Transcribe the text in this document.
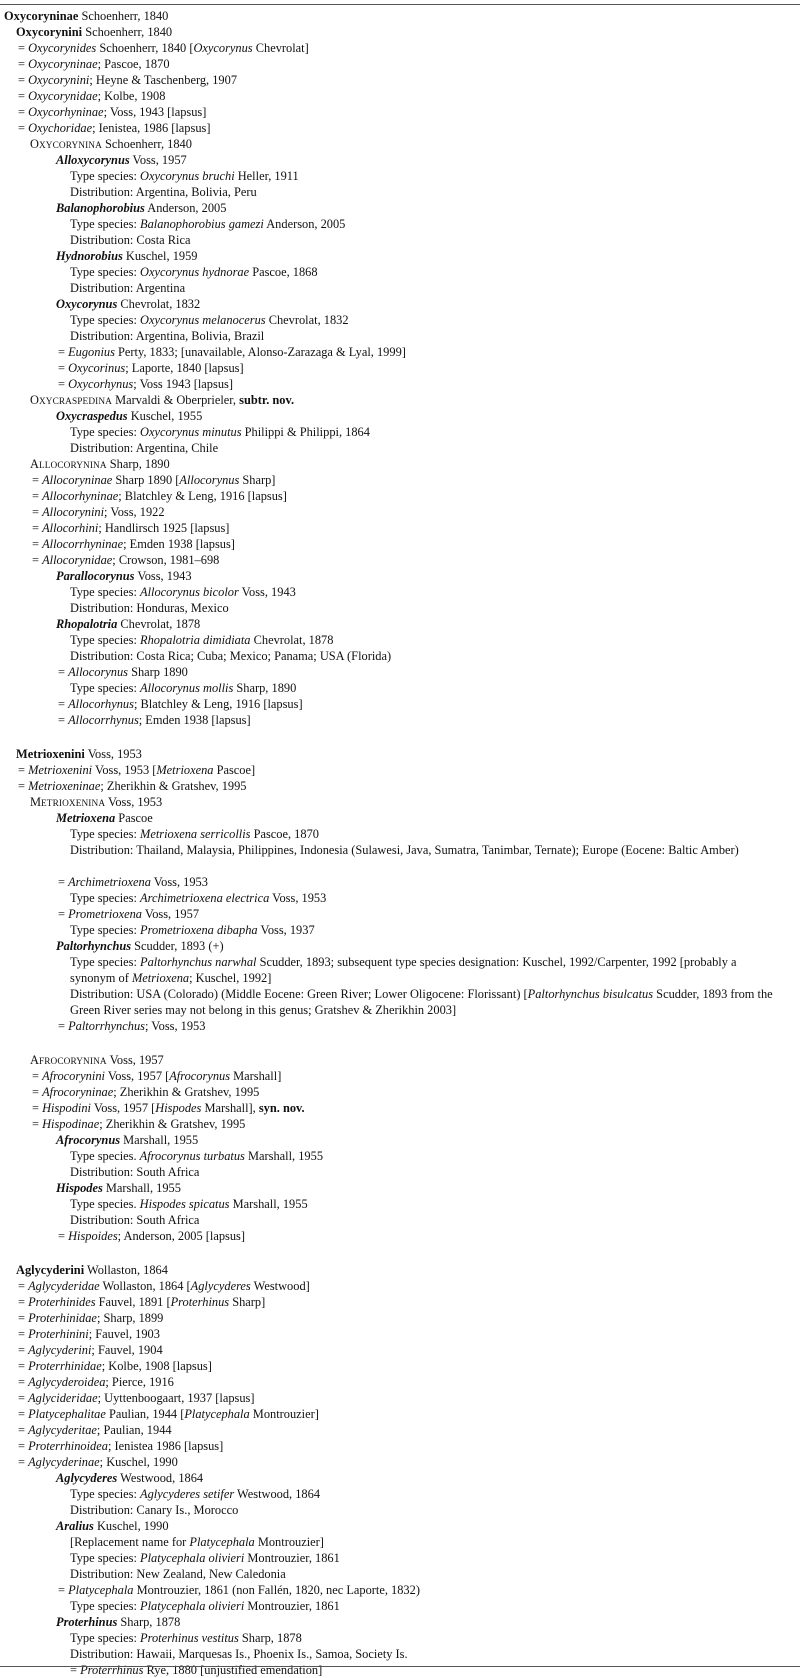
Oxycoryninae Schoenherr, 1840
Oxycorynini Schoenherr, 1840
= Oxycorynides Schoenherr, 1840 [Oxycorynus Chevrolat]
= Oxycoryninae; Pascoe, 1870
= Oxycorynini; Heyne & Taschenberg, 1907
= Oxycorynidae; Kolbe, 1908
= Oxycorhyninae; Voss, 1943 [lapsus]
= Oxychoridae; Ienistea, 1986 [lapsus]
OXYCORYNINA Schoenherr, 1840
Alloxycorynus Voss, 1957
Type species: Oxycorynus bruchi Heller, 1911
Distribution: Argentina, Bolivia, Peru
Balanophorobius Anderson, 2005
Type species: Balanophorobius gamezi Anderson, 2005
Distribution: Costa Rica
Hydnorobius Kuschel, 1959
Type species: Oxycorynus hydnorae Pascoe, 1868
Distribution: Argentina
Oxycorynus Chevrolat, 1832
Type species: Oxycorynus melanocerus Chevrolat, 1832
Distribution: Argentina, Bolivia, Brazil
= Eugonius Perty, 1833; [unavailable, Alonso-Zarazaga & Lyal, 1999]
= Oxycorinus; Laporte, 1840 [lapsus]
= Oxycorhynus; Voss 1943 [lapsus]
OXYCRASPEDINA Marvaldi & Oberprieler, subtr. nov.
Oxycraspedus Kuschel, 1955
Type species: Oxycorynus minutus Philippi & Philippi, 1864
Distribution: Argentina, Chile
ALLOCORYNINA Sharp, 1890
= Allocoryninae Sharp 1890 [Allocorynus Sharp]
= Allocorhyninae; Blatchley & Leng, 1916 [lapsus]
= Allocorynini; Voss, 1922
= Allocorhini; Handlirsch 1925 [lapsus]
= Allocorrhyninae; Emden 1938 [lapsus]
= Allocorynidae; Crowson, 1981–698
Parallocorynus Voss, 1943
Type species: Allocorynus bicolor Voss, 1943
Distribution: Honduras, Mexico
Rhopalotria Chevrolat, 1878
Type species: Rhopalotria dimidiata Chevrolat, 1878
Distribution: Costa Rica; Cuba; Mexico; Panama; USA (Florida)
= Allocorynus Sharp 1890
Type species: Allocorynus mollis Sharp, 1890
= Allocorhynus; Blatchley & Leng, 1916 [lapsus]
= Allocorrhynus; Emden 1938 [lapsus]
Metrioxenini Voss, 1953
= Metrioxenini Voss, 1953 [Metrioxena Pascoe]
= Metrioxeninae; Zherikhin & Gratshev, 1995
METRIOXENINA Voss, 1953
Metrioxena Pascoe
Type species: Metrioxena serricollis Pascoe, 1870
Distribution: Thailand, Malaysia, Philippines, Indonesia (Sulawesi, Java, Sumatra, Tanimbar, Ternate); Europe (Eocene: Baltic Amber)
= Archimetrioxena Voss, 1953
Type species: Archimetrioxena electrica Voss, 1953
= Prometrioxena Voss, 1957
Type species: Prometrioxena dibapha Voss, 1937
Paltorhynchus Scudder, 1893 (+)
Type species: Paltorhynchus narwhal Scudder, 1893; subsequent type species designation: Kuschel, 1992/Carpenter, 1992 [probably a synonym of Metrioxena; Kuschel, 1992]
Distribution: USA (Colorado) (Middle Eocene: Green River; Lower Oligocene: Florissant) [Paltorhynchus bisulcatus Scudder, 1893 from the Green River series may not belong in this genus; Gratshev & Zherikhin 2003]
= Paltorrhynchus; Voss, 1953
AFROCORYNINA Voss, 1957
= Afrocorynini Voss, 1957 [Afrocorynus Marshall]
= Afrocoryninae; Zherikhin & Gratshev, 1995
= Hispodini Voss, 1957 [Hispodes Marshall], syn. nov.
= Hispodinae; Zherikhin & Gratshev, 1995
Afrocorynus Marshall, 1955
Type species. Afrocorynus turbatus Marshall, 1955
Distribution: South Africa
Hispodes Marshall, 1955
Type species. Hispodes spicatus Marshall, 1955
Distribution: South Africa
= Hispoides; Anderson, 2005 [lapsus]
Aglycyderini Wollaston, 1864
= Aglycyderidae Wollaston, 1864 [Aglycyderes Westwood]
= Proterhinides Fauvel, 1891 [Proterhinus Sharp]
= Proterhinidae; Sharp, 1899
= Proterhinini; Fauvel, 1903
= Aglycyderini; Fauvel, 1904
= Proterrhinidae; Kolbe, 1908 [lapsus]
= Aglycyderoidea; Pierce, 1916
= Aglycideridae; Uyttenboogaart, 1937 [lapsus]
= Platycephalitae Paulian, 1944 [Platycephala Montrouzier]
= Aglycyderitae; Paulian, 1944
= Proterrhinoidea; Ienistea 1986 [lapsus]
= Aglycyderinae; Kuschel, 1990
Aglycyderes Westwood, 1864
Type species: Aglycyderes setifer Westwood, 1864
Distribution: Canary Is., Morocco
Aralius Kuschel, 1990
[Replacement name for Platycephala Montrouzier]
Type species: Platycephala olivieri Montrouzier, 1861
Distribution: New Zealand, New Caledonia
= Platycephala Montrouzier, 1861 (non Fallén, 1820, nec Laporte, 1832)
Type species: Platycephala olivieri Montrouzier, 1861
Proterhinus Sharp, 1878
Type species: Proterhinus vestitus Sharp, 1878
Distribution: Hawaii, Marquesas Is., Phoenix Is., Samoa, Society Is.
= Proterrhinus Rye, 1880 [unjustified emendation]
